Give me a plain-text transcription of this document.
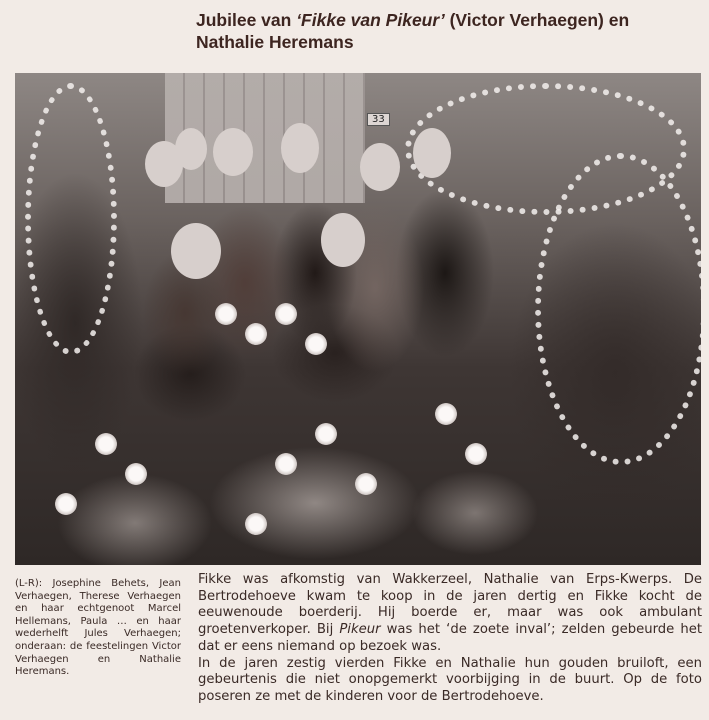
Jubilee van ‘Fikke van Pikeur’ (Victor Verhaegen) en
Nathalie Heremans
33
(L-R): Josephine Behets, Jean Verhaegen, Therese Verhaegen en haar echtgenoot Marcel Hellemans, Paula … en haar wederhelft Jules Verhaegen; onderaan: de feestelingen Victor Verhaegen en Nathalie Heremans.

Fikke was afkomstig van Wakkerzeel, Nathalie van Erps-Kwerps. De Bertrodehoeve kwam te koop in de jaren dertig en Fikke kocht de eeuwenoude boerderij. Hij boerde er, maar was ook ambulant groetenverkoper. Bij Pikeur was het ‘de zoete inval’; zelden gebeurde het dat er eens niemand op bezoek was.

In de jaren zestig vierden Fikke en Nathalie hun gouden bruiloft, een gebeurtenis die niet onopgemerkt voorbijging in de buurt. Op de foto poseren ze met de kinderen voor de Bertrodehoeve.
